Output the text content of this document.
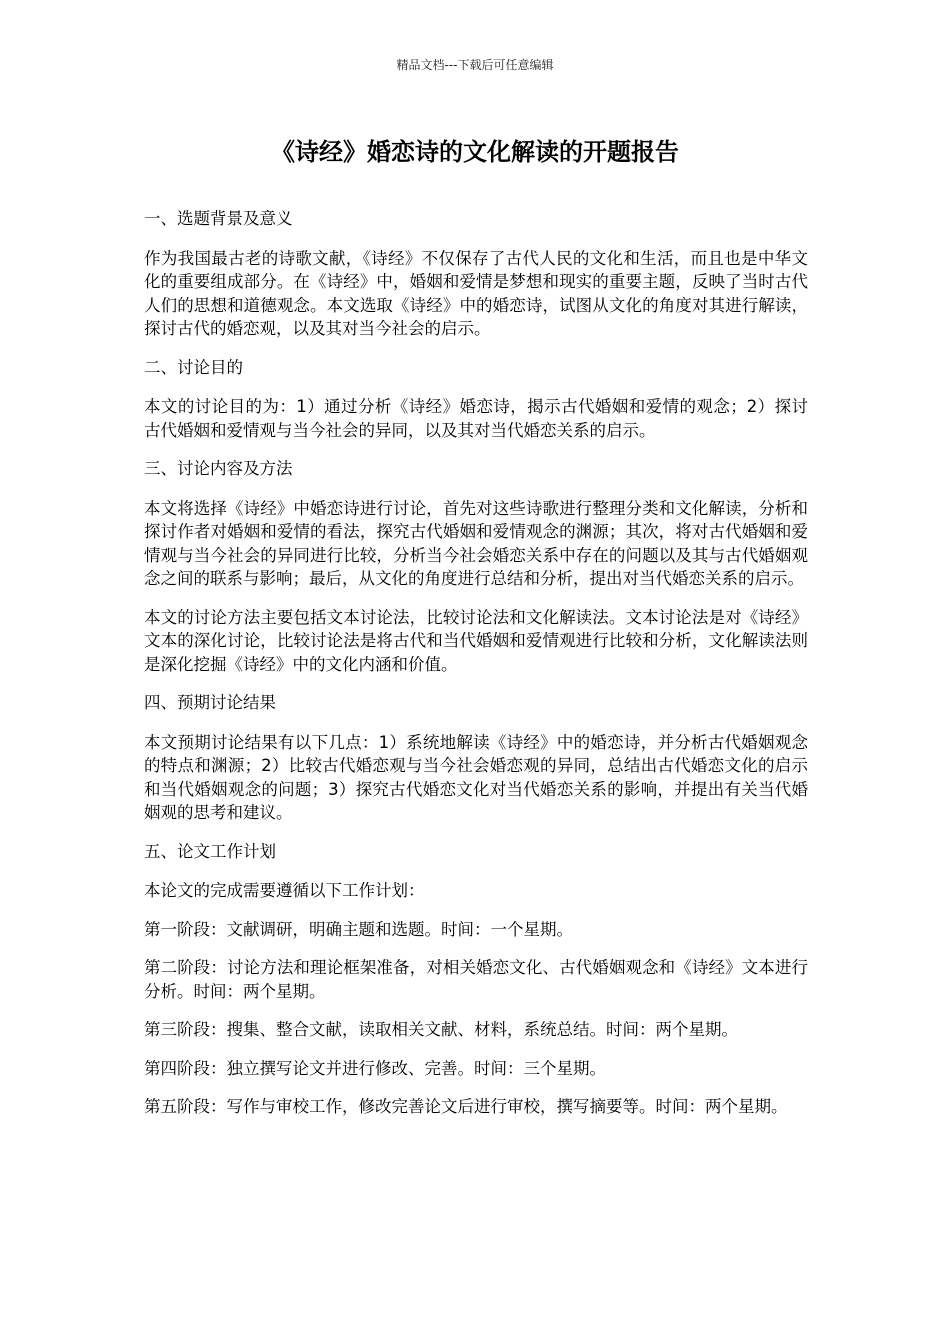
精品文档---下载后可任意编辑
《诗经》婚恋诗的文化解读的开题报告

一、选题背景及意义

作为我国最古老的诗歌文献，《诗经》不仅保存了古代人民的文化和生活，而且也是中华文化的重要组成部分。在《诗经》中，婚姻和爱情是梦想和现实的重要主题，反映了当时古代人们的思想和道德观念。本文选取《诗经》中的婚恋诗，试图从文化的角度对其进行解读，探讨古代的婚恋观，以及其对当今社会的启示。

二、讨论目的

本文的讨论目的为：1）通过分析《诗经》婚恋诗，揭示古代婚姻和爱情的观念；2）探讨古代婚姻和爱情观与当今社会的异同，以及其对当代婚恋关系的启示。

三、讨论内容及方法

本文将选择《诗经》中婚恋诗进行讨论，首先对这些诗歌进行整理分类和文化解读，分析和探讨作者对婚姻和爱情的看法，探究古代婚姻和爱情观念的渊源；其次，将对古代婚姻和爱情观与当今社会的异同进行比较，分析当今社会婚恋关系中存在的问题以及其与古代婚姻观念之间的联系与影响；最后，从文化的角度进行总结和分析，提出对当代婚恋关系的启示。

本文的讨论方法主要包括文本讨论法，比较讨论法和文化解读法。文本讨论法是对《诗经》文本的深化讨论，比较讨论法是将古代和当代婚姻和爱情观进行比较和分析，文化解读法则是深化挖掘《诗经》中的文化内涵和价值。

四、预期讨论结果

本文预期讨论结果有以下几点：1）系统地解读《诗经》中的婚恋诗，并分析古代婚姻观念的特点和渊源；2）比较古代婚恋观与当今社会婚恋观的异同，总结出古代婚恋文化的启示和当代婚姻观念的问题；3）探究古代婚恋文化对当代婚恋关系的影响，并提出有关当代婚姻观的思考和建议。

五、论文工作计划

本论文的完成需要遵循以下工作计划：

第一阶段：文献调研，明确主题和选题。时间：一个星期。

第二阶段：讨论方法和理论框架准备，对相关婚恋文化、古代婚姻观念和《诗经》文本进行分析。时间：两个星期。

第三阶段：搜集、整合文献，读取相关文献、材料，系统总结。时间：两个星期。

第四阶段：独立撰写论文并进行修改、完善。时间：三个星期。

第五阶段：写作与审校工作，修改完善论文后进行审校，撰写摘要等。时间：两个星期。
